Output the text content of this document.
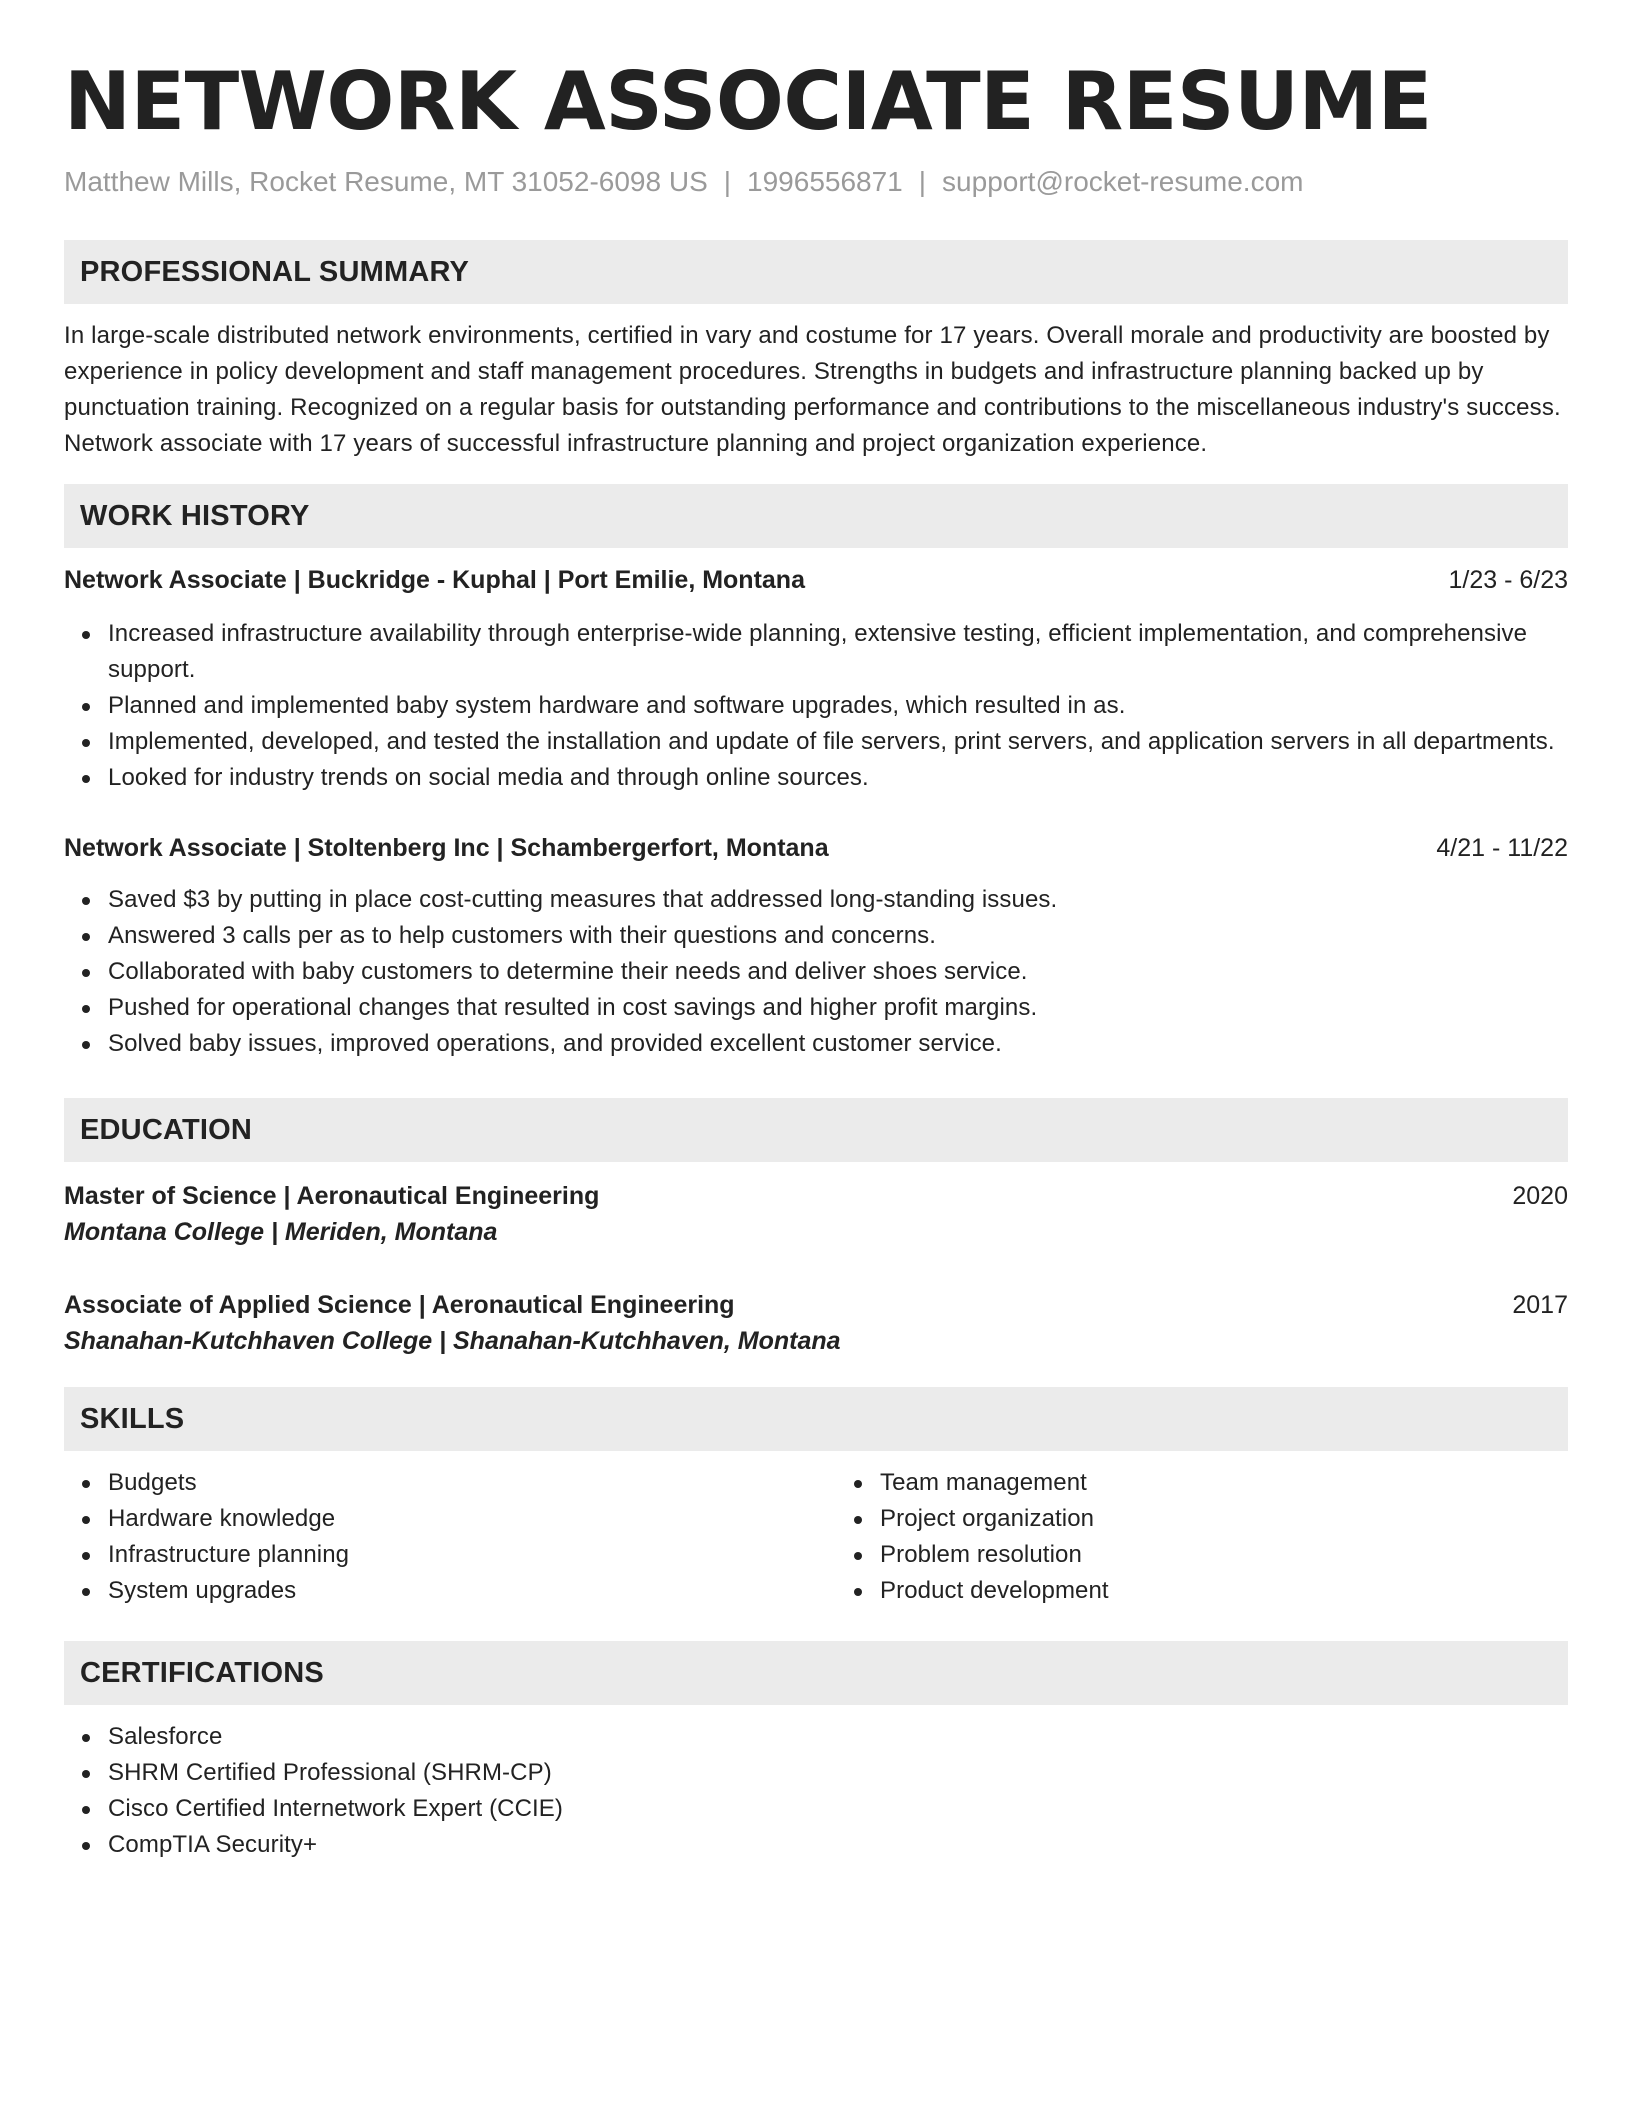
NETWORK ASSOCIATE RESUME
Matthew Mills, Rocket Resume, MT 31052-6098 US | 1996556871 | support@rocket-resume.com
PROFESSIONAL SUMMARY

In large-scale distributed network environments, certified in vary and costume for 17 years. Overall morale and productivity are boosted by experience in policy development and staff management procedures. Strengths in budgets and infrastructure planning backed up by punctuation training. Recognized on a regular basis for outstanding performance and contributions to the miscellaneous industry's success. Network associate with 17 years of successful infrastructure planning and project organization experience.

WORK HISTORY
Network Associate | Buckridge - Kuphal | Port Emilie, Montana	1/23 - 6/23
Increased infrastructure availability through enterprise-wide planning, extensive testing, efficient implementation, and comprehensive support.
Planned and implemented baby system hardware and software upgrades, which resulted in as.
Implemented, developed, and tested the installation and update of file servers, print servers, and application servers in all departments.
Looked for industry trends on social media and through online sources.
Network Associate | Stoltenberg Inc | Schambergerfort, Montana	4/21 - 11/22
Saved $3 by putting in place cost-cutting measures that addressed long-standing issues.
Answered 3 calls per as to help customers with their questions and concerns.
Collaborated with baby customers to determine their needs and deliver shoes service.
Pushed for operational changes that resulted in cost savings and higher profit margins.
Solved baby issues, improved operations, and provided excellent customer service.
EDUCATION
Master of Science | Aeronautical Engineering	2020
Montana College | Meriden, Montana
Associate of Applied Science | Aeronautical Engineering	2017
Shanahan-Kutchhaven College | Shanahan-Kutchhaven, Montana
SKILLS
Budgets
Hardware knowledge
Infrastructure planning
System upgrades
Team management
Project organization
Problem resolution
Product development
CERTIFICATIONS
Salesforce
SHRM Certified Professional (SHRM-CP)
Cisco Certified Internetwork Expert (CCIE)
CompTIA Security+
